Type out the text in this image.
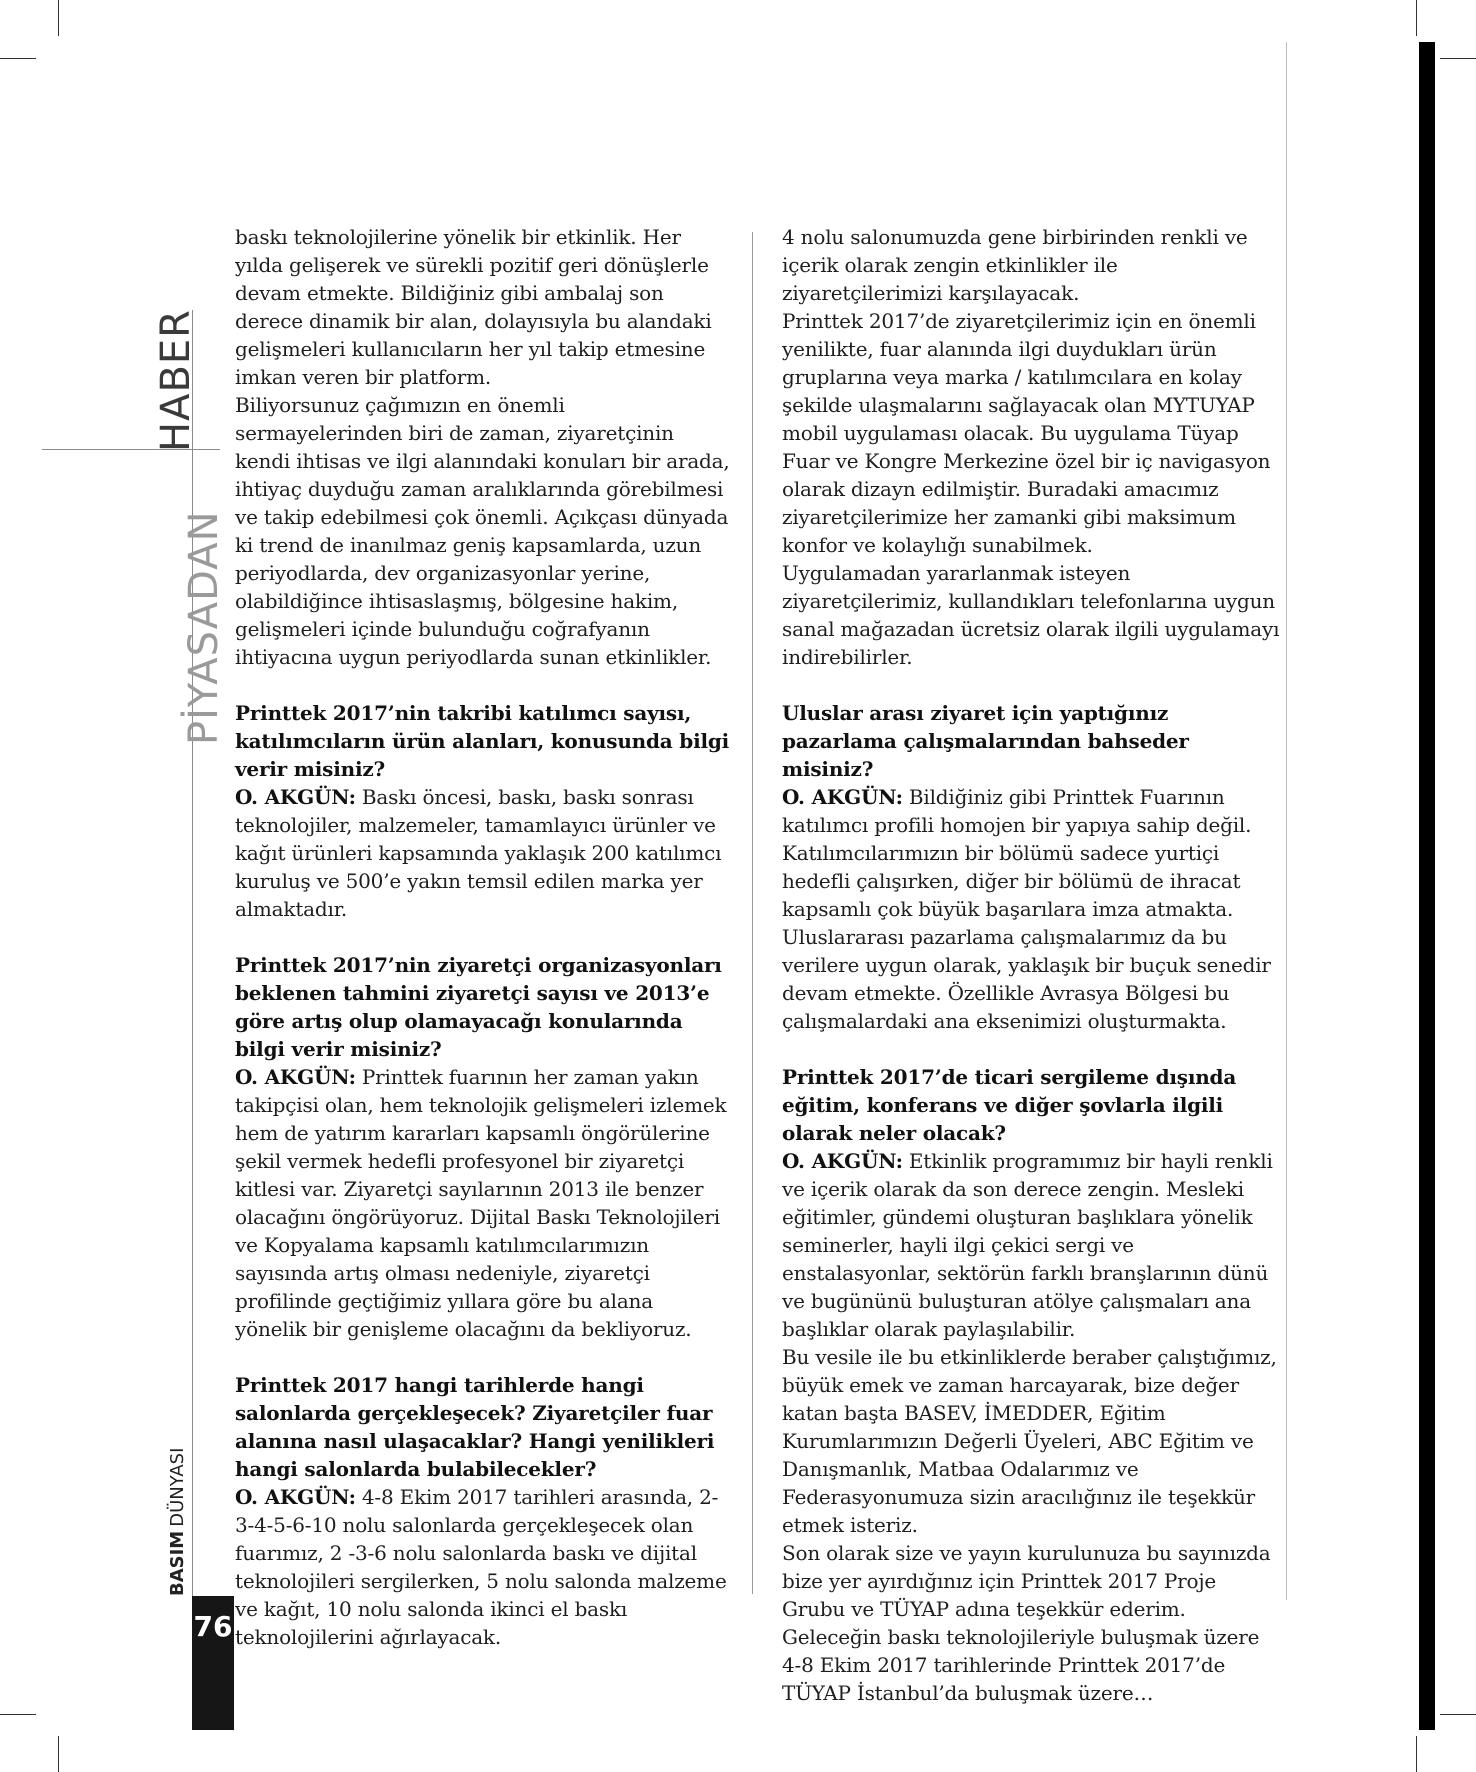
HABER
PİYASADAN
BASIMDÜNYASI
76

baskı teknolojilerine yönelik bir etkinlik. Her yılda gelişerek ve sürekli pozitif geri dönüşlerle devam etmekte. Bildiğiniz gibi ambalaj son derece dinamik bir alan, dolayısıyla bu alandaki gelişmeleri kullanıcıların her yıl takip etmesine imkan veren bir platform.

Biliyorsunuz çağımızın en önemli sermayelerinden biri de zaman, ziyaretçinin kendi ihtisas ve ilgi alanındaki konuları bir arada, ihtiyaç duyduğu zaman aralıklarında görebilmesi ve takip edebilmesi çok önemli. Açıkçası dünyada ki trend de inanılmaz geniş kapsamlarda, uzun periyodlarda, dev organizasyonlar yerine, olabildiğince ihtisaslaşmış, bölgesine hakim, gelişmeleri içinde bulunduğu coğrafyanın ihtiyacına uygun periyodlarda sunan etkinlikler.

Printtek 2017’nin takribi katılımcı sayısı, katılımcıların ürün alanları, konusunda bilgi verir misiniz?

O. AKGÜN: Baskı öncesi, baskı, baskı sonrası teknolojiler, malzemeler, tamamlayıcı ürünler ve kağıt ürünleri kapsamında yaklaşık 200 katılımcı kuruluş ve 500’e yakın temsil edilen marka yer almaktadır.

Printtek 2017’nin ziyaretçi organizasyonları beklenen tahmini ziyaretçi sayısı ve 2013’e göre artış olup olamayacağı konularında bilgi verir misiniz?

O. AKGÜN: Printtek fuarının her zaman yakın takipçisi olan, hem teknolojik gelişmeleri izlemek hem de yatırım kararları kapsamlı öngörülerine şekil vermek hedefli profesyonel bir ziyaretçi kitlesi var. Ziyaretçi sayılarının 2013 ile benzer olacağını öngörüyoruz. Dijital Baskı Teknolojileri ve Kopyalama kapsamlı katılımcılarımızın sayısında artış olması nedeniyle, ziyaretçi profilinde geçtiğimiz yıllara göre bu alana yönelik bir genişleme olacağını da bekliyoruz.

Printtek 2017 hangi tarihlerde hangi salonlarda gerçekleşecek? Ziyaretçiler fuar alanına nasıl ulaşacaklar? Hangi yenilikleri hangi salonlarda bulabilecekler?

O. AKGÜN: 4-8 Ekim 2017 tarihleri arasında, 2-3-4-5-6-10 nolu salonlarda gerçekleşecek olan fuarımız, 2 -3-6 nolu salonlarda baskı ve dijital teknolojileri sergilerken, 5 nolu salonda malzeme ve kağıt, 10 nolu salonda ikinci el baskı teknolojilerini ağırlayacak.

4 nolu salonumuzda gene birbirinden renkli ve içerik olarak zengin etkinlikler ile ziyaretçilerimizi karşılayacak.

Printtek 2017’de ziyaretçilerimiz için en önemli yenilikte, fuar alanında ilgi duydukları ürün gruplarına veya marka / katılımcılara en kolay şekilde ulaşmalarını sağlayacak olan MYTUYAP mobil uygulaması olacak. Bu uygulama Tüyap Fuar ve Kongre Merkezine özel bir iç navigasyon olarak dizayn edilmiştir. Buradaki amacımız ziyaretçilerimize her zamanki gibi maksimum konfor ve kolaylığı sunabilmek.

Uygulamadan yararlanmak isteyen ziyaretçilerimiz, kullandıkları telefonlarına uygun sanal mağazadan ücretsiz olarak ilgili uygulamayı indirebilirler.

Uluslar arası ziyaret için yaptığınız pazarlama çalışmalarından bahseder misiniz?

O. AKGÜN: Bildiğiniz gibi Printtek Fuarının katılımcı profili homojen bir yapıya sahip değil. Katılımcılarımızın bir bölümü sadece yurtiçi hedefli çalışırken, diğer bir bölümü de ihracat kapsamlı çok büyük başarılara imza atmakta. Uluslararası pazarlama çalışmalarımız da bu verilere uygun olarak, yaklaşık bir buçuk senedir devam etmekte. Özellikle Avrasya Bölgesi bu çalışmalardaki ana eksenimizi oluşturmakta.

Printtek 2017’de ticari sergileme dışında eğitim, konferans ve diğer şovlarla ilgili olarak neler olacak?

O. AKGÜN: Etkinlik programımız bir hayli renkli ve içerik olarak da son derece zengin. Mesleki eğitimler, gündemi oluşturan başlıklara yönelik seminerler, hayli ilgi çekici sergi ve enstalasyonlar, sektörün farklı branşlarının dünü ve bugününü buluşturan atölye çalışmaları ana başlıklar olarak paylaşılabilir.

Bu vesile ile bu etkinliklerde beraber çalıştığımız, büyük emek ve zaman harcayarak, bize değer katan başta BASEV, İMEDDER, Eğitim Kurumlarımızın Değerli Üyeleri, ABC Eğitim ve Danışmanlık, Matbaa Odalarımız ve Federasyonumuza sizin aracılığınız ile teşekkür etmek isteriz.

Son olarak size ve yayın kurulunuza bu sayınızda bize yer ayırdığınız için Printtek 2017 Proje Grubu ve TÜYAP adına teşekkür ederim.

Geleceğin baskı teknolojileriyle buluşmak üzere 4-8 Ekim 2017 tarihlerinde Printtek 2017’de TÜYAP İstanbul’da buluşmak üzere…
